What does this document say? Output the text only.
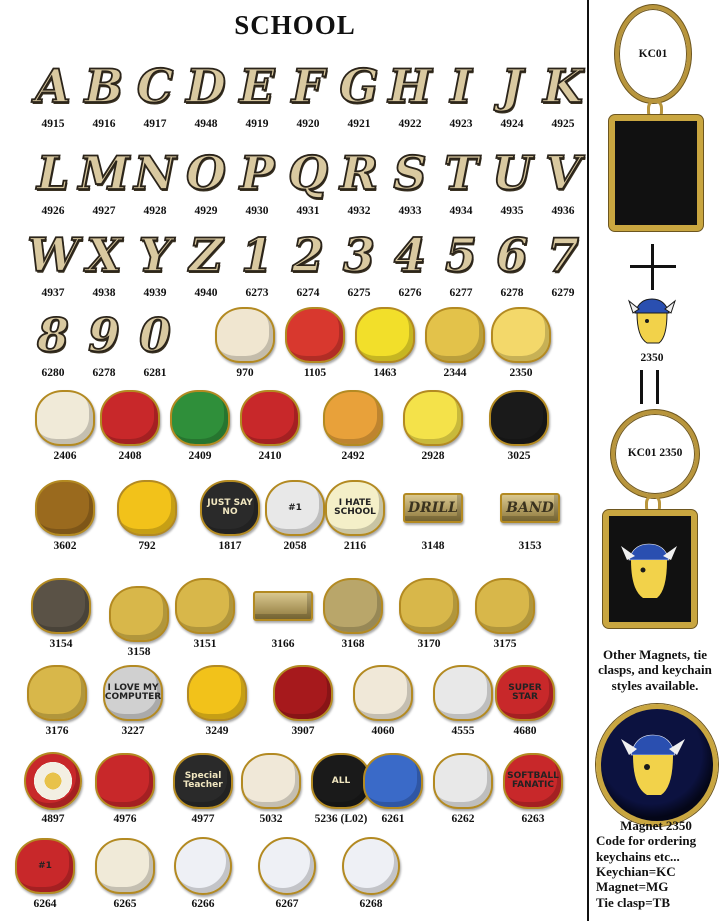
SCHOOL
A
4915
B
4916
C
4917
D
4948
E
4919
F
4920
G
4921
H
4922
I
4923
J
4924
K
4925
L
4926
M
4927
N
4928
O
4929
P
4930
Q
4931
R
4932
S
4933
T
4934
U
4935
V
4936
W
4937
X
4938
Y
4939
Z
4940
1
6273
2
6274
3
6275
4
6276
5
6277
6
6278
7
6279
8
6280
9
6278
0
6281	970	1105	1463	2344	2350
2406	2408	2409	2410	2492	2928	3025
3602	792
JUST SAY NO
1817
#1
2058
I HATE SCHOOL
2116
DRILL
3148
BAND
3153
3154
3158
3151	3166	3168	3170	3175
3176
I LOVE MY COMPUTER
3227	3249	3907	4060	4555
SUPER STAR
4680
4897	4976
Special Teacher
4977	5032
ALL
5236 (L02)	6261	6262
SOFTBALL FANATIC
6263
#1
6264	6265	6266	6267	6268
KC01
2350
KC01 2350
Other Magnets, tie clasps, and keychain styles available.
Magnet 2350
Code for ordering
keychains etc...
Keychian=KC
Magnet=MG
Tie clasp=TB
